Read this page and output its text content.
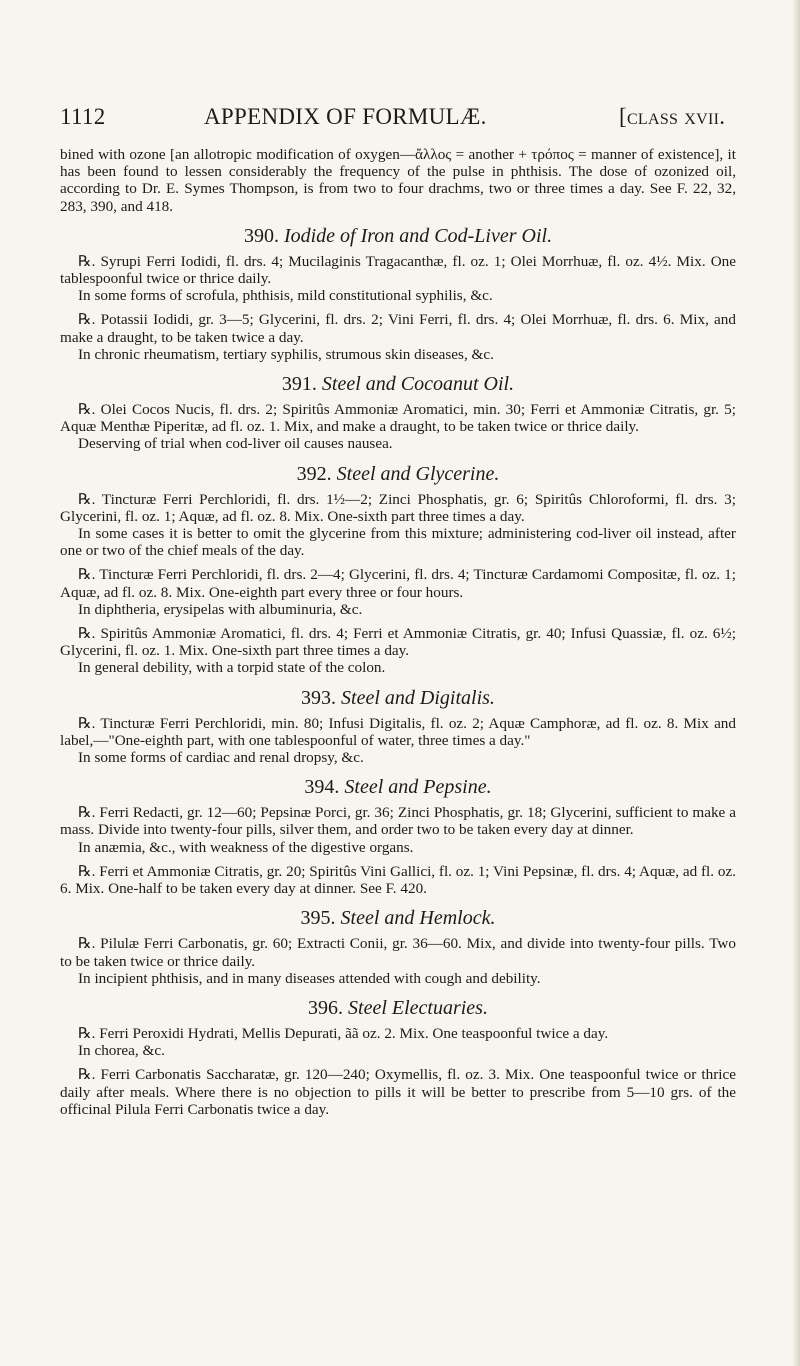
1112	APPENDIX OF FORMULÆ.	[class xvii.

bined with ozone [an allotropic modification of oxygen—ἄλλος = another + τρόπος = manner of existence], it has been found to lessen considerably the frequency of the pulse in phthisis. The dose of ozonized oil, according to Dr. E. Symes Thompson, is from two to four drachms, two or three times a day. See F. 22, 32, 283, 390, and 418.

390. Iodide of Iron and Cod-Liver Oil.

℞. Syrupi Ferri Iodidi, fl. drs. 4; Mucilaginis Tragacanthæ, fl. oz. 1; Olei Morrhuæ, fl. oz. 4½. Mix. One tablespoonful twice or thrice daily.

In some forms of scrofula, phthisis, mild constitutional syphilis, &c.

℞. Potassii Iodidi, gr. 3—5; Glycerini, fl. drs. 2; Vini Ferri, fl. drs. 4; Olei Morrhuæ, fl. drs. 6. Mix, and make a draught, to be taken twice a day.

In chronic rheumatism, tertiary syphilis, strumous skin diseases, &c.

391. Steel and Cocoanut Oil.

℞. Olei Cocos Nucis, fl. drs. 2; Spiritûs Ammoniæ Aromatici, min. 30; Ferri et Ammoniæ Citratis, gr. 5; Aquæ Menthæ Piperitæ, ad fl. oz. 1. Mix, and make a draught, to be taken twice or thrice daily.

Deserving of trial when cod-liver oil causes nausea.

392. Steel and Glycerine.

℞. Tincturæ Ferri Perchloridi, fl. drs. 1½—2; Zinci Phosphatis, gr. 6; Spiritûs Chloroformi, fl. drs. 3; Glycerini, fl. oz. 1; Aquæ, ad fl. oz. 8. Mix. One-sixth part three times a day.

In some cases it is better to omit the glycerine from this mixture; administering cod-liver oil instead, after one or two of the chief meals of the day.

℞. Tincturæ Ferri Perchloridi, fl. drs. 2—4; Glycerini, fl. drs. 4; Tincturæ Cardamomi Compositæ, fl. oz. 1; Aquæ, ad fl. oz. 8. Mix. One-eighth part every three or four hours.

In diphtheria, erysipelas with albuminuria, &c.

℞. Spiritûs Ammoniæ Aromatici, fl. drs. 4; Ferri et Ammoniæ Citratis, gr. 40; Infusi Quassiæ, fl. oz. 6½; Glycerini, fl. oz. 1. Mix. One-sixth part three times a day.

In general debility, with a torpid state of the colon.

393. Steel and Digitalis.

℞. Tincturæ Ferri Perchloridi, min. 80; Infusi Digitalis, fl. oz. 2; Aquæ Camphoræ, ad fl. oz. 8. Mix and label,—"One-eighth part, with one tablespoonful of water, three times a day."

In some forms of cardiac and renal dropsy, &c.

394. Steel and Pepsine.

℞. Ferri Redacti, gr. 12—60; Pepsinæ Porci, gr. 36; Zinci Phosphatis, gr. 18; Glycerini, sufficient to make a mass. Divide into twenty-four pills, silver them, and order two to be taken every day at dinner.

In anæmia, &c., with weakness of the digestive organs.

℞. Ferri et Ammoniæ Citratis, gr. 20; Spiritûs Vini Gallici, fl. oz. 1; Vini Pepsinæ, fl. drs. 4; Aquæ, ad fl. oz. 6. Mix. One-half to be taken every day at dinner. See F. 420.

395. Steel and Hemlock.

℞. Pilulæ Ferri Carbonatis, gr. 60; Extracti Conii, gr. 36—60. Mix, and divide into twenty-four pills. Two to be taken twice or thrice daily.

In incipient phthisis, and in many diseases attended with cough and debility.

396. Steel Electuaries.

℞. Ferri Peroxidi Hydrati, Mellis Depurati, ãã oz. 2. Mix. One teaspoonful twice a day.

In chorea, &c.

℞. Ferri Carbonatis Saccharatæ, gr. 120—240; Oxymellis, fl. oz. 3. Mix. One teaspoonful twice or thrice daily after meals. Where there is no objection to pills it will be better to prescribe from 5—10 grs. of the officinal Pilula Ferri Carbonatis twice a day.
